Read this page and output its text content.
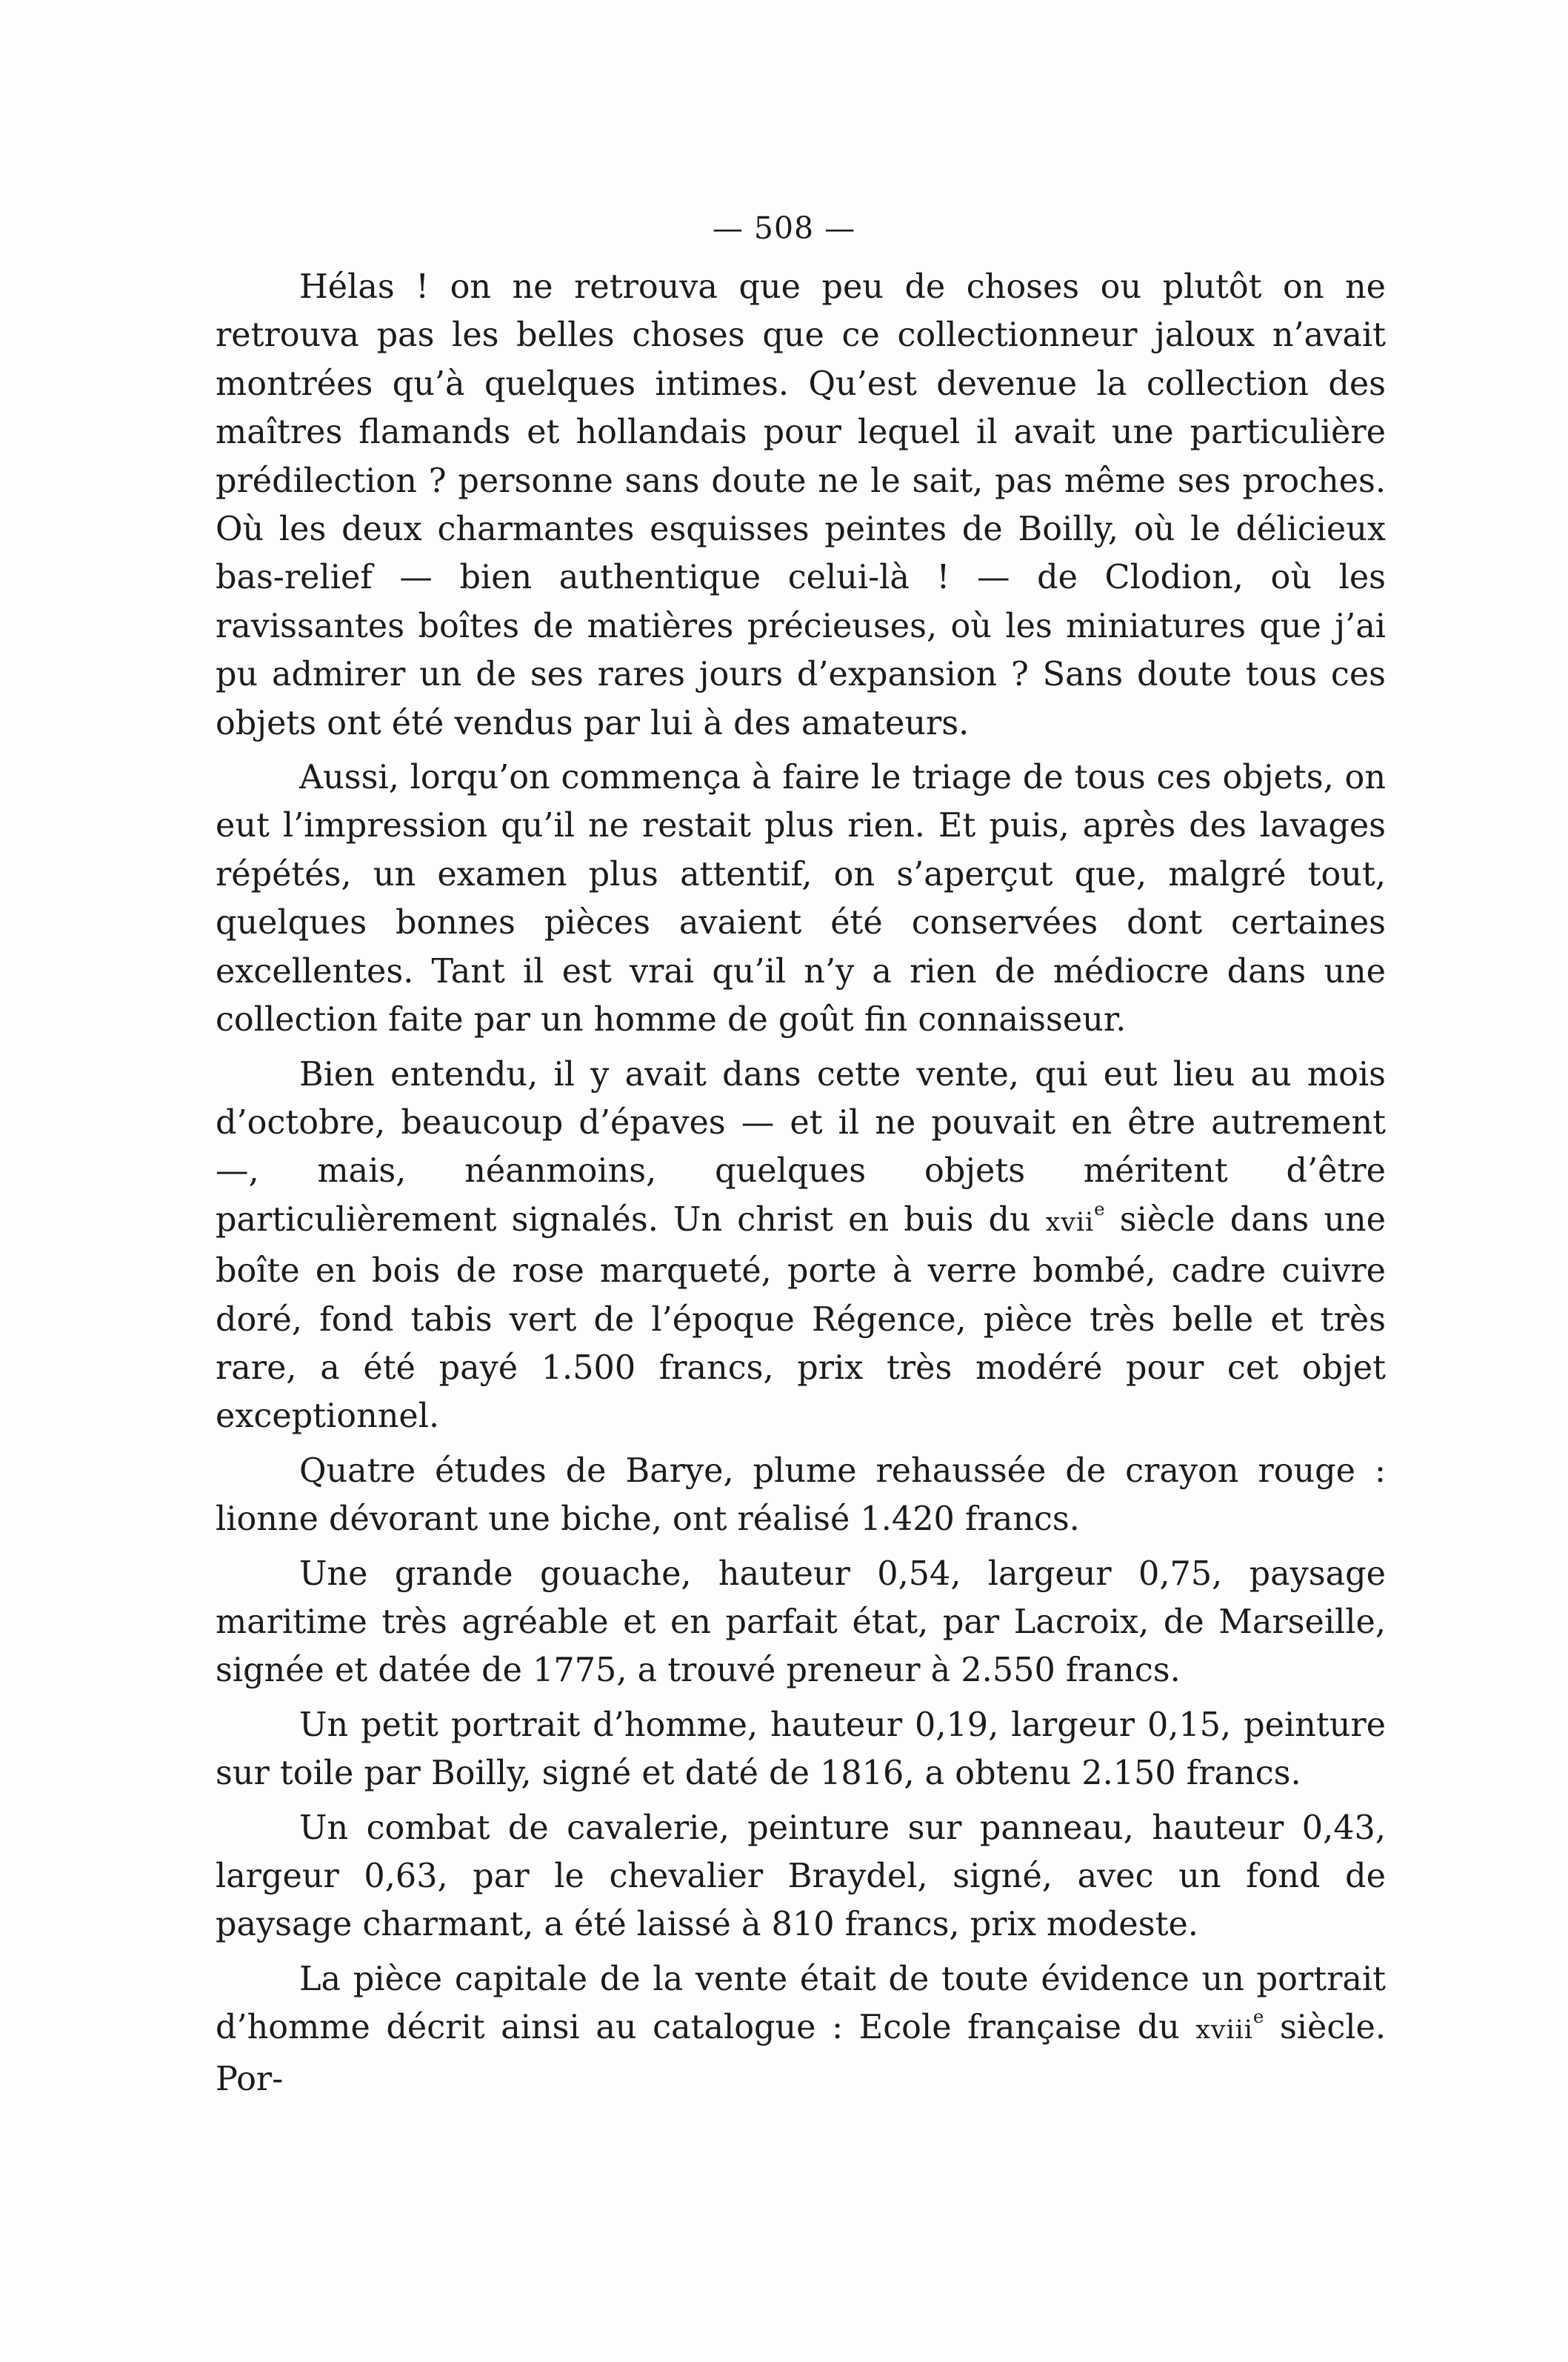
— 508 —

Hélas ! on ne retrouva que peu de choses ou plutôt on ne retrouva pas les belles choses que ce collectionneur jaloux n’avait montrées qu’à quelques intimes. Qu’est devenue la collection des maîtres flamands et hollandais pour lequel il avait une particulière prédilection ? personne sans doute ne le sait, pas même ses proches. Où les deux charmantes esquisses peintes de Boilly, où le délicieux bas-relief — bien authentique celui-là ! — de Clodion, où les ravissantes boîtes de matières précieuses, où les miniatures que j’ai pu admirer un de ses rares jours d’expansion ? Sans doute tous ces objets ont été vendus par lui à des amateurs.

Aussi, lorqu’on commença à faire le triage de tous ces objets, on eut l’impression qu’il ne restait plus rien. Et puis, après des lavages répétés, un examen plus attentif, on s’aperçut que, malgré tout, quelques bonnes pièces avaient été conservées dont certaines excellentes. Tant il est vrai qu’il n’y a rien de médiocre dans une collection faite par un homme de goût fin connaisseur.

Bien entendu, il y avait dans cette vente, qui eut lieu au mois d’octobre, beaucoup d’épaves — et il ne pouvait en être autrement —, mais, néanmoins, quelques objets méritent d’être particulièrement signalés. Un christ en buis du xvii$^e$ siècle dans une boîte en bois de rose marqueté, porte à verre bombé, cadre cuivre doré, fond tabis vert de l’époque Régence, pièce très belle et très rare, a été payé 1.500 francs, prix très modéré pour cet objet exceptionnel.

Quatre études de Barye, plume rehaussée de crayon rouge : lionne dévorant une biche, ont réalisé 1.420 francs.

Une grande gouache, hauteur 0,54, largeur 0,75, paysage maritime très agréable et en parfait état, par Lacroix, de Marseille, signée et datée de 1775, a trouvé preneur à 2.550 francs.

Un petit portrait d’homme, hauteur 0,19, largeur 0,15, peinture sur toile par Boilly, signé et daté de 1816, a obtenu 2.150 francs.

Un combat de cavalerie, peinture sur panneau, hauteur 0,43, largeur 0,63, par le chevalier Braydel, signé, avec un fond de paysage charmant, a été laissé à 810 francs, prix modeste.

La pièce capitale de la vente était de toute évidence un portrait d’homme décrit ainsi au catalogue : Ecole française du xviii$^e$ siècle. Por-
